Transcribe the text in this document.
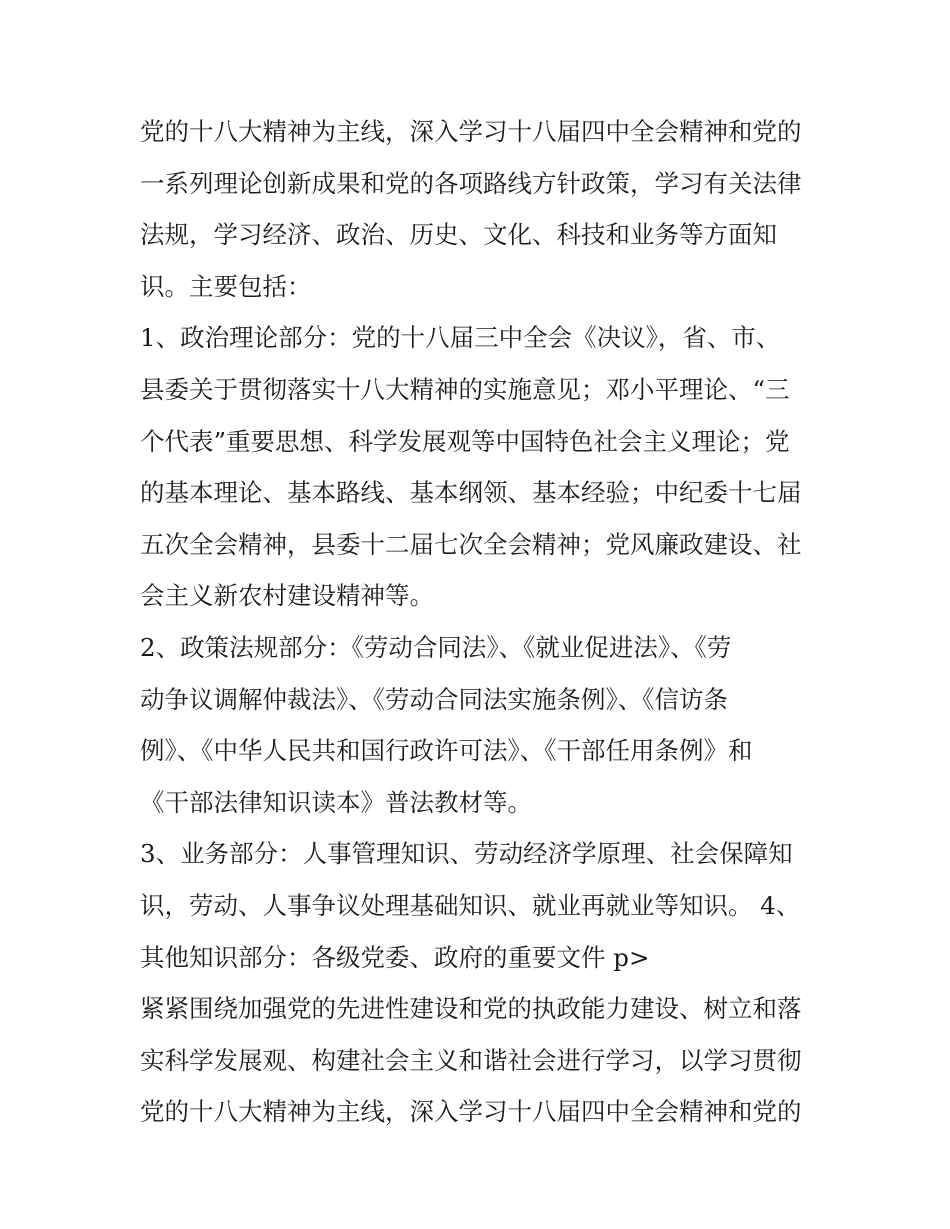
党的十八大精神为主线，深入学习十八届四中全会精神和党的
一系列理论创新成果和党的各项路线方针政策，学习有关法律
法规，学习经济、政治、历史、文化、科技和业务等方面知
识。主要包括：
1、政治理论部分：党的十八届三中全会《决议》，省、市、
县委关于贯彻落实十八大精神的实施意见；邓小平理论、“三
个代表”重要思想、科学发展观等中国特色社会主义理论；党
的基本理论、基本路线、基本纲领、基本经验；中纪委十七届
五次全会精神，县委十二届七次全会精神；党风廉政建设、社
会主义新农村建设精神等。
2、政策法规部分：《劳动合同法》、《就业促进法》、《劳
动争议调解仲裁法》、《劳动合同法实施条例》、《信访条
例》、《中华人民共和国行政许可法》、《干部任用条例》和
《干部法律知识读本》普法教材等。
3、业务部分：人事管理知识、劳动经济学原理、社会保障知
识，劳动、人事争议处理基础知识、就业再就业等知识。 4、
其他知识部分：各级党委、政府的重要文件 p>
紧紧围绕加强党的先进性建设和党的执政能力建设、树立和落
实科学发展观、构建社会主义和谐社会进行学习，以学习贯彻
党的十八大精神为主线，深入学习十八届四中全会精神和党的
